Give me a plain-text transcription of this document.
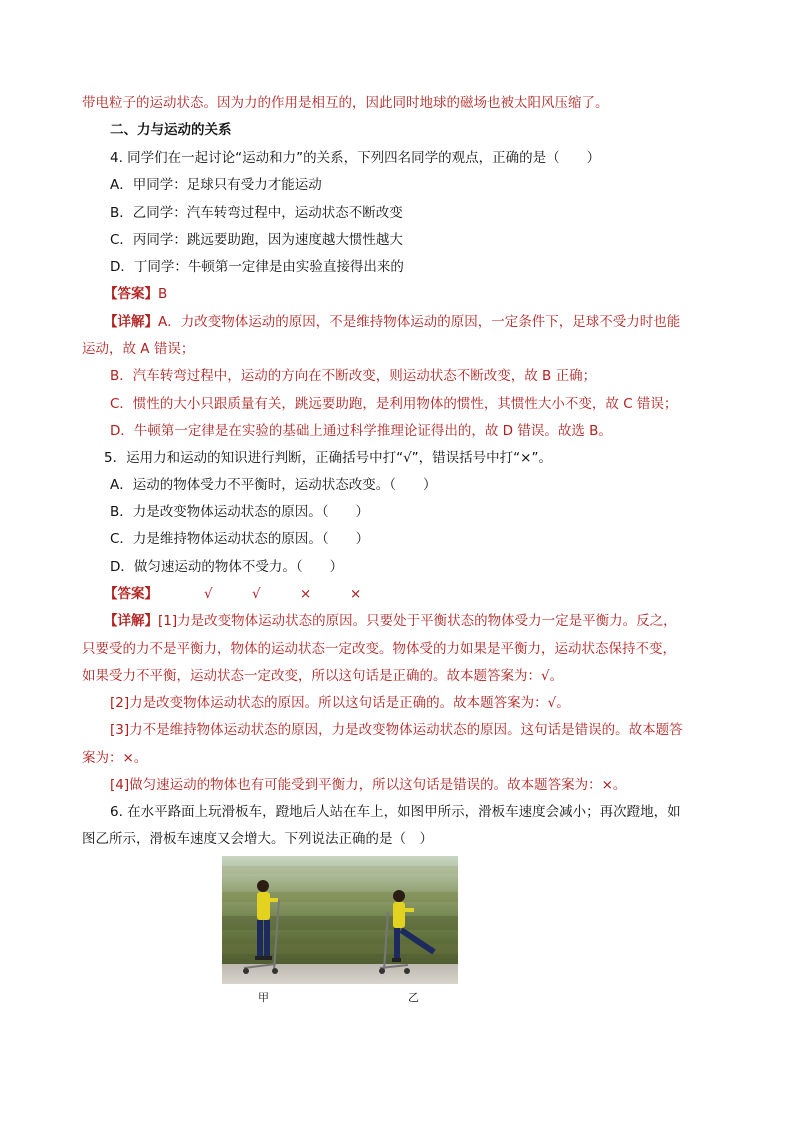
带电粒子的运动状态。因为力的作用是相互的，因此同时地球的磁场也被太阳风压缩了。
二、力与运动的关系
4. 同学们在一起讨论“运动和力”的关系，下列四名同学的观点，正确的是（　　）
A．甲同学：足球只有受力才能运动
B．乙同学：汽车转弯过程中，运动状态不断改变
C．丙同学：跳远要助跑，因为速度越大惯性越大
D．丁同学：牛顿第一定律是由实验直接得出来的
【答案】B
【详解】A．力改变物体运动的原因，不是维持物体运动的原因，一定条件下，足球不受力时也能
运动，故 A 错误；
B．汽车转弯过程中，运动的方向在不断改变，则运动状态不断改变，故 B 正确；
C．惯性的大小只跟质量有关，跳远要助跑，是利用物体的惯性，其惯性大小不变，故 C 错误；
D．牛顿第一定律是在实验的基础上通过科学推理论证得出的，故 D 错误。故选 B。
5．运用力和运动的知识进行判断，正确括号中打“√”，错误括号中打“×”。
A．运动的物体受力不平衡时，运动状态改变。（　　）
B．力是改变物体运动状态的原因。（　　）
C．力是维持物体运动状态的原因。（　　）
D．做匀速运动的物体不受力。（　　）
【答案】	√	√	×	×
【详解】[1]力是改变物体运动状态的原因。只要处于平衡状态的物体受力一定是平衡力。反之，
只要受的力不是平衡力，物体的运动状态一定改变。物体受的力如果是平衡力，运动状态保持不变，
如果受力不平衡，运动状态一定改变，所以这句话是正确的。故本题答案为：√。
[2]力是改变物体运动状态的原因。所以这句话是正确的。故本题答案为：√。
[3]力不是维持物体运动状态的原因，力是改变物体运动状态的原因。这句话是错误的。故本题答
案为：×。
[4]做匀速运动的物体也有可能受到平衡力，所以这句话是错误的。故本题答案为：×。
6. 在水平路面上玩滑板车，蹬地后人站在车上，如图甲所示，滑板车速度会减小；再次蹬地，如
图乙所示，滑板车速度又会增大。下列说法正确的是（　）
甲	乙
